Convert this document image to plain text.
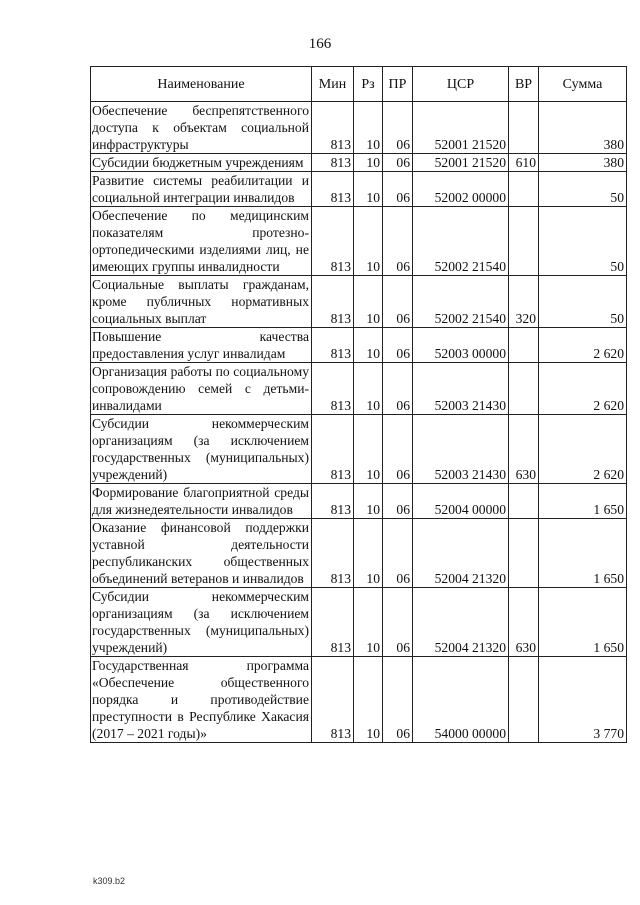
166
Наименование	Мин	Рз	ПР	ЦСР	ВР	Сумма
Обеспечение беспрепятственного доступа к объектам социальной инфраструктуры	813	10	06	52001 21520		380
Субсидии бюджетным учреждениям	813	10	06	52001 21520	610	380
Развитие системы реабилитации и социальной интеграции инвалидов	813	10	06	52002 00000		50
Обеспечение по медицинским показателям протезно-ортопедическими изделиями лиц, не имеющих группы инвалидности	813	10	06	52002 21540		50
Социальные выплаты гражданам, кроме публичных нормативных социальных выплат	813	10	06	52002 21540	320	50
Повышение качества предоставления услуг инвалидам	813	10	06	52003 00000		2 620
Организация работы по социальному сопровождению семей с детьми-инвалидами	813	10	06	52003 21430		2 620
Субсидии некоммерческим организациям (за исключением государственных (муниципальных) учреждений)	813	10	06	52003 21430	630	2 620
Формирование благоприятной среды для жизнедеятельности инвалидов	813	10	06	52004 00000		1 650
Оказание финансовой поддержки уставной деятельности республиканских общественных объединений ветеранов и инвалидов	813	10	06	52004 21320		1 650
Субсидии некоммерческим организациям (за исключением государственных (муниципальных) учреждений)	813	10	06	52004 21320	630	1 650
Государственная программа «Обеспечение общественного порядка и противодействие преступности в Республике Хакасия (2017 – 2021 годы)»	813	10	06	54000 00000		3 770
k309.b2
